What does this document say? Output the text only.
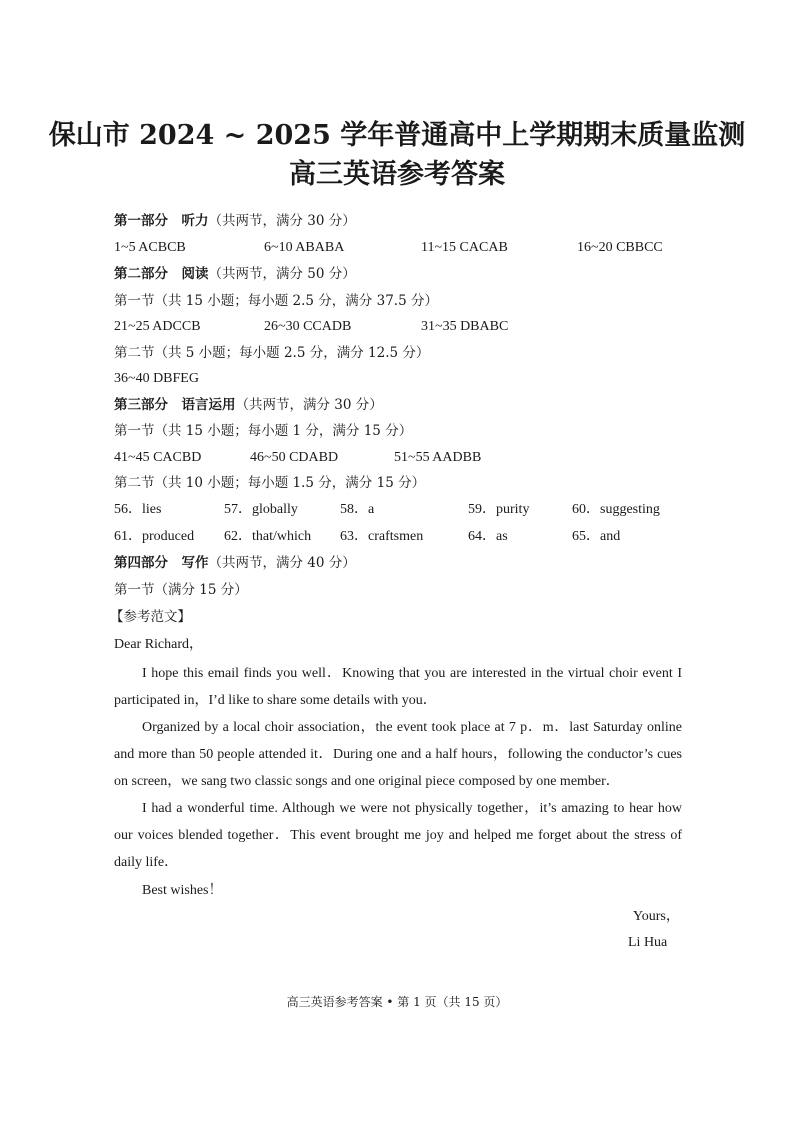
保山市 2024 ~ 2025 学年普通高中上学期期末质量监测
高三英语参考答案
第一部分　听力（共两节，满分 30 分）
1~5 ACBCB	6~10 ABABA	11~15 CACAB	16~20 CBBCC
第二部分　阅读（共两节，满分 50 分）
第一节（共 15 小题；每小题 2.5 分，满分 37.5 分）
21~25 ADCCB	26~30 CCADB	31~35 DBABC
第二节（共 5 小题；每小题 2.5 分，满分 12.5 分）
36~40 DBFEG
第三部分　语言运用（共两节，满分 30 分）
第一节（共 15 小题；每小题 1 分，满分 15 分）
41~45 CACBD	46~50 CDABD	51~55 AADBB
第二节（共 10 小题；每小题 1.5 分，满分 15 分）
56．lies	57．globally	58．a	59．purity	60．suggesting
61．produced 62．that/which 63．craftsmen	64．as	65．and
第四部分　写作（共两节，满分 40 分）
第一节（满分 15 分）
【参考范文】
Dear Richard，

I hope this email finds you well．Knowing that you are interested in the virtual choir event I participated in，I’d like to share some details with you．

Organized by a local choir association，the event took place at 7 p．m．last Saturday online and more than 50 people attended it．During one and a half hours，following the conductor’s cues on screen，we sang two classic songs and one original piece composed by one member．

I had a wonderful time. Although we were not physically together，it’s amazing to hear how our voices blended together．This event brought me joy and helped me forget about the stress of daily life．

Best wishes！
Yours，
Li Hua
高三英语参考答案 • 第 1 页（共 15 页）
